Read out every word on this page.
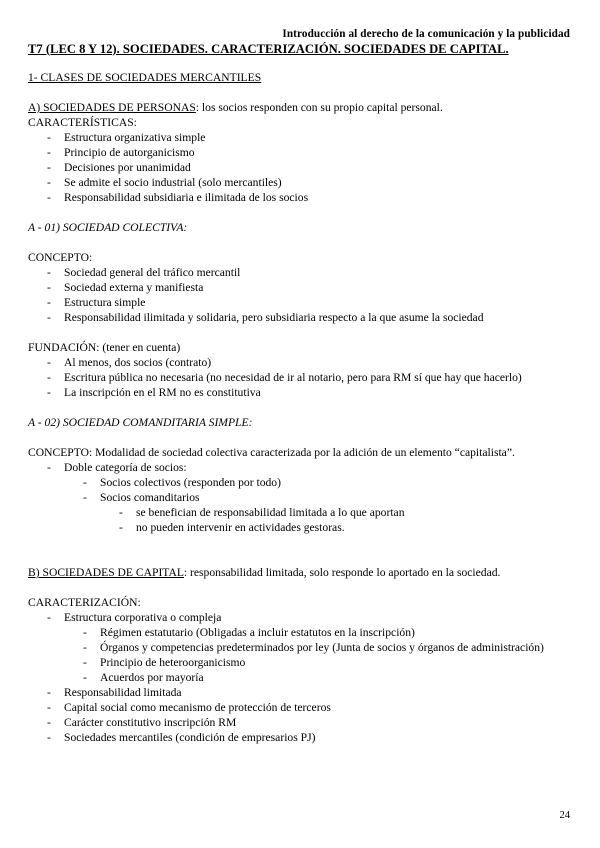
Introducción al derecho de la comunicación y la publicidad
T7 (LEC 8 Y 12). SOCIEDADES. CARACTERIZACIÓN. SOCIEDADES DE CAPITAL.

1- CLASES DE SOCIEDADES MERCANTILES

A) SOCIEDADES DE PERSONAS: los socios responden con su propio capital personal.

CARACTERÍSTICAS:

- Estructura organizativa simple
- Principio de autorganicismo
- Decisiones por unanimidad
- Se admite el socio industrial (solo mercantiles)
- Responsabilidad subsidiaria e ilimitada de los socios

A - 01) SOCIEDAD COLECTIVA:

CONCEPTO:

- Sociedad general del tráfico mercantil
- Sociedad externa y manifiesta
- Estructura simple
- Responsabilidad ilimitada y solidaria, pero subsidiaria respecto a la que asume la sociedad

FUNDACIÓN: (tener en cuenta)

- Al menos, dos socios (contrato)
- Escritura pública no necesaria (no necesidad de ir al notario, pero para RM sí que hay que hacerlo)
- La inscripción en el RM no es constitutiva

A - 02) SOCIEDAD COMANDITARIA SIMPLE:

CONCEPTO: Modalidad de sociedad colectiva caracterizada por la adición de un elemento “capitalista”.

- Doble categoría de socios:
- Socios colectivos (responden por todo)
- Socios comanditarios
- se benefician de responsabilidad limitada a lo que aportan
- no pueden intervenir en actividades gestoras.

B) SOCIEDADES DE CAPITAL: responsabilidad limitada, solo responde lo aportado en la sociedad.

CARACTERIZACIÓN:

- Estructura corporativa o compleja
- Régimen estatutario (Obligadas a incluir estatutos en la inscripción)
- Órganos y competencias predeterminados por ley (Junta de socios y órganos de administración)
- Principio de heteroorganicismo
- Acuerdos por mayoría
- Responsabilidad limitada
- Capital social como mecanismo de protección de terceros
- Carácter constitutivo inscripción RM
- Sociedades mercantiles (condición de empresarios PJ)
24
